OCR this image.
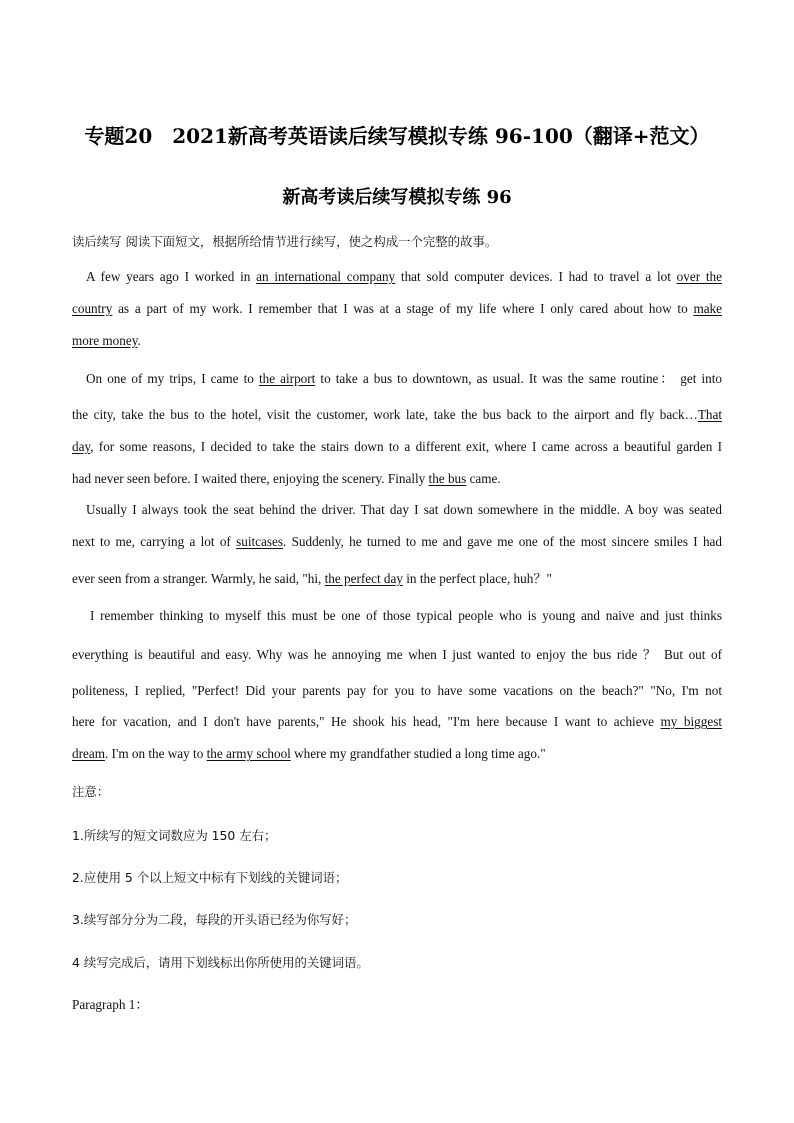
专题20　2021新高考英语读后续写模拟专练 96-100（翻译+范文）
新高考读后续写模拟专练 96
读后续写 阅读下面短文，根据所给情节进行续写，使之构成一个完整的故事。
A few years ago I worked in an international company that sold computer devices. I had to travel a lot over the
country as a part of my work. I remember that I was at a stage of my life where I only cared about how to make
more money.
On one of my trips, I came to the airport to take a bus to downtown, as usual. It was the same routine： get into
the city, take the bus to the hotel, visit the customer, work late, take the bus back to the airport and fly back…That
day, for some reasons, I decided to take the stairs down to a different exit, where I came across a beautiful garden I
had never seen before. I waited there, enjoying the scenery. Finally the bus came.
Usually I always took the seat behind the driver. That day I sat down somewhere in the middle. A boy was seated
next to me, carrying a lot of suitcases. Suddenly, he turned to me and gave me one of the most sincere smiles I had
ever seen from a stranger. Warmly, he said, "hi, the perfect day in the perfect place, huh？"
I remember thinking to myself this must be one of those typical people who is young and naive and just thinks
everything is beautiful and easy. Why was he annoying me when I just wanted to enjoy the bus ride ？ But out of
politeness, I replied, "Perfect! Did your parents pay for you to have some vacations on the beach?" "No, I'm not
here for vacation, and I don't have parents," He shook his head, "I'm here because I want to achieve my biggest
dream. I'm on the way to the army school where my grandfather studied a long time ago."
注意：
1.所续写的短文词数应为 150 左右；
2.应使用 5 个以上短文中标有下划线的关键词语；
3.续写部分分为二段，每段的开头语已经为你写好；
4 续写完成后，请用下划线标出你所使用的关键词语。
Paragraph 1：
